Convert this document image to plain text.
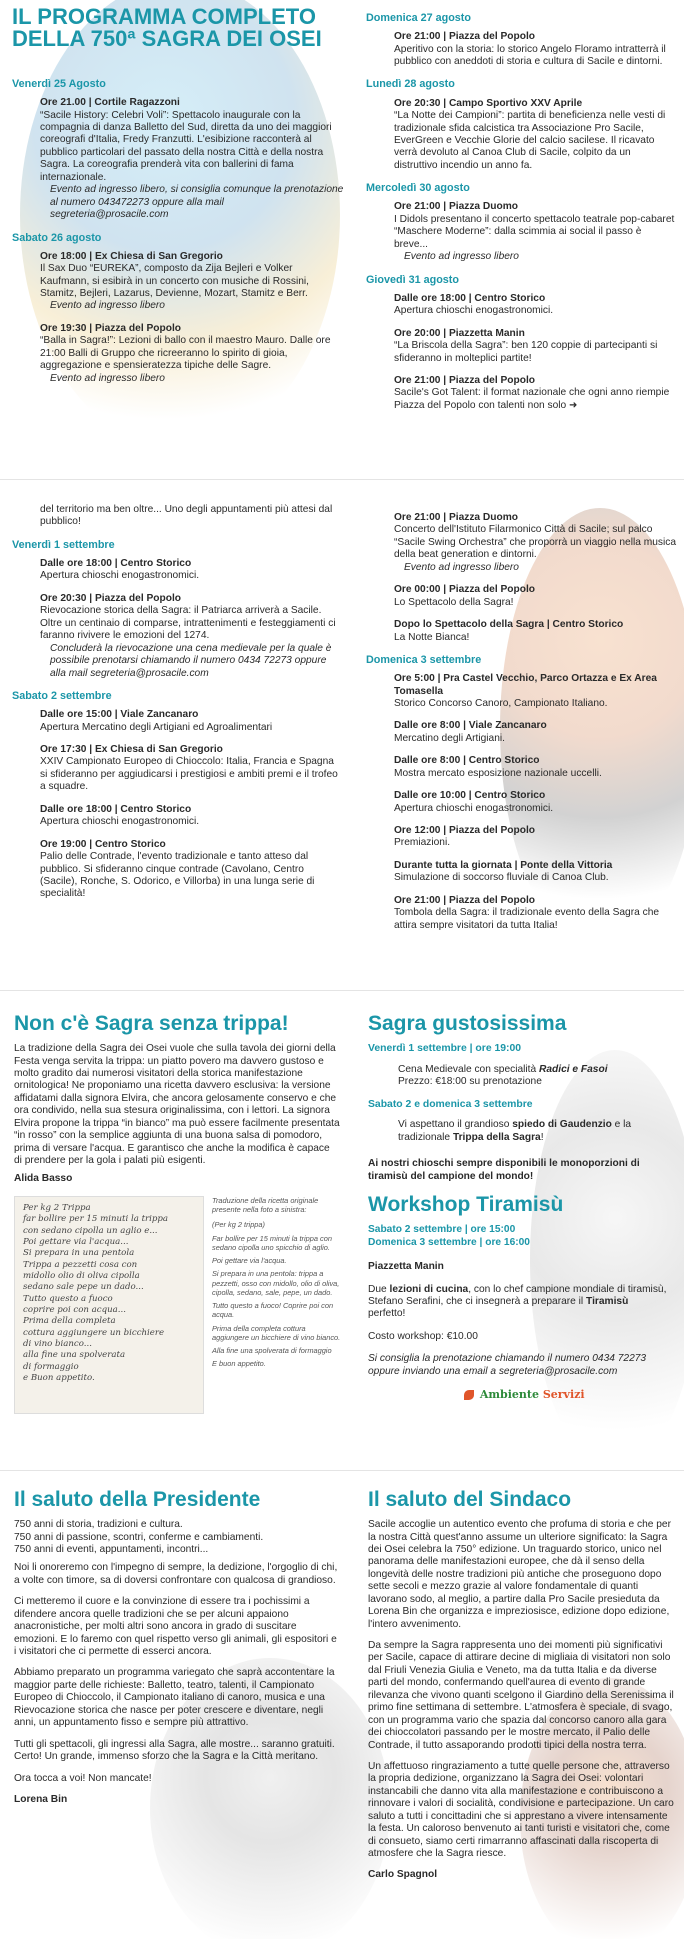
IL PROGRAMMA COMPLETO
DELLA 750ª SAGRA DEI OSEI
Venerdì 25 Agosto
Ore 21.00 | Cortile Ragazzoni
“Sacile History: Celebri Voli”: Spettacolo inaugurale con la compagnia di danza Balletto del Sud, diretta da uno dei maggiori coreografi d'Italia, Fredy Franzutti. L'esibizione racconterà al pubblico particolari del passato della nostra Città e della nostra Sagra. La coreografia prenderà vita con ballerini di fama internazionale.
Evento ad ingresso libero, si consiglia comunque la prenotazione al numero 043472273 oppure alla mail segreteria@prosacile.com
Sabato 26 agosto
Ore 18:00 | Ex Chiesa di San Gregorio
Il Sax Duo “EUREKA”, composto da Zija Bejleri e Volker Kaufmann, si esibirà in un concerto con musiche di Rossini, Stamitz, Bejleri, Lazarus, Devienne, Mozart, Stamitz e Berr.
Evento ad ingresso libero
Ore 19:30 | Piazza del Popolo
“Balla in Sagra!”: Lezioni di ballo con il maestro Mauro. Dalle ore 21:00 Balli di Gruppo che ricreeranno lo spirito di gioia, aggregazione e spensieratezza tipiche delle Sagre.
Evento ad ingresso libero
Domenica 27 agosto
Ore 21:00 | Piazza del Popolo
Aperitivo con la storia: lo storico Angelo Floramo intratterrà il pubblico con aneddoti di storia e cultura di Sacile e dintorni.
Lunedì 28 agosto
Ore 20:30 | Campo Sportivo XXV Aprile
“La Notte dei Campioni”: partita di beneficienza nelle vesti di tradizionale sfida calcistica tra Associazione Pro Sacile, EverGreen e Vecchie Glorie del calcio sacilese. Il ricavato verrà devoluto al Canoa Club di Sacile, colpito da un distruttivo incendio un anno fa.
Mercoledì 30 agosto
Ore 21:00 | Piazza Duomo
I Didols presentano il concerto spettacolo teatrale pop-cabaret “Maschere Moderne”: dalla scimmia ai social il passo è breve...
Evento ad ingresso libero
Giovedì 31 agosto
Dalle ore 18:00 | Centro Storico
Apertura chioschi enogastronomici.
Ore 20:00 | Piazzetta Manin
“La Briscola della Sagra”: ben 120 coppie di partecipanti si sfideranno in molteplici partite!
Ore 21:00 | Piazza del Popolo
Sacile's Got Talent: il format nazionale che ogni anno riempie Piazza del Popolo con talenti non solo ➜
del territorio ma ben oltre... Uno degli appuntamenti più attesi dal pubblico!
Venerdì 1 settembre
Dalle ore 18:00 | Centro Storico
Apertura chioschi enogastronomici.
Ore 20:30 | Piazza del Popolo
Rievocazione storica della Sagra: il Patriarca arriverà a Sacile. Oltre un centinaio di comparse, intrattenimenti e festeggiamenti ci faranno rivivere le emozioni del 1274.
Concluderà la rievocazione una cena medievale per la quale è possibile prenotarsi chiamando il numero 0434 72273 oppure alla mail segreteria@prosacile.com
Sabato 2 settembre
Dalle ore 15:00 | Viale Zancanaro
Apertura Mercatino degli Artigiani ed Agroalimentari
Ore 17:30 | Ex Chiesa di San Gregorio
XXIV Campionato Europeo di Chioccolo: Italia, Francia e Spagna si sfideranno per aggiudicarsi i prestigiosi e ambiti premi e il trofeo a squadre.
Dalle ore 18:00 | Centro Storico
Apertura chioschi enogastronomici.
Ore 19:00 | Centro Storico
Palio delle Contrade, l'evento tradizionale e tanto atteso dal pubblico. Si sfideranno cinque contrade (Cavolano, Centro (Sacile), Ronche, S. Odorico, e Villorba) in una lunga serie di specialità!
Ore 21:00 | Piazza Duomo
Concerto dell'Istituto Filarmonico Città di Sacile; sul palco “Sacile Swing Orchestra” che proporrà un viaggio nella musica della beat generation e dintorni.
Evento ad ingresso libero
Ore 00:00 | Piazza del Popolo
Lo Spettacolo della Sagra!
Dopo lo Spettacolo della Sagra | Centro Storico
La Notte Bianca!
Domenica 3 settembre
Ore 5:00 | Pra Castel Vecchio, Parco Ortazza e Ex Area Tomasella
Storico Concorso Canoro, Campionato Italiano.
Dalle ore 8:00 | Viale Zancanaro
Mercatino degli Artigiani.
Dalle ore 8:00 | Centro Storico
Mostra mercato esposizione nazionale uccelli.
Dalle ore 10:00 | Centro Storico
Apertura chioschi enogastronomici.
Ore 12:00 | Piazza del Popolo
Premiazioni.
Durante tutta la giornata | Ponte della Vittoria
Simulazione di soccorso fluviale di Canoa Club.
Ore 21:00 | Piazza del Popolo
Tombola della Sagra: il tradizionale evento della Sagra che attira sempre visitatori da tutta Italia!
Non c'è Sagra senza trippa!
La tradizione della Sagra dei Osei vuole che sulla tavola dei giorni della Festa venga servita la trippa: un piatto povero ma davvero gustoso e molto gradito dai numerosi visitatori della storica manifestazione ornitologica! Ne proponiamo una ricetta davvero esclusiva: la versione affidatami dalla signora Elvira, che ancora gelosamente conservo e che ora condivido, nella sua stesura originalissima, con i lettori. La signora Elvira propone la trippa “in bianco” ma può essere facilmente presentata “in rosso” con la semplice aggiunta di una buona salsa di pomodoro, prima di versare l'acqua. E garantisco che anche la modifica è capace di prendere per la gola i palati più esigenti.
Alida Basso
Per kg 2 Trippa
far bollire per 15 minuti la trippa
con sedano cipolla un aglio e...
Poi gettare via l'acqua...
Si prepara in una pentola
Trippa a pezzetti cosa con
midollo olio di oliva cipolla
sedano sale pepe un dado...
Tutto questo a fuoco
coprire poi con acqua...
Prima della completa
cottura aggiungere un bicchiere
di vino bianco...
alla fine una spolverata
di formaggio
e Buon appetito.
Traduzione della ricetta originale presente nella foto a sinistra:
(Per kg 2 trippa)
Far bollire per 15 minuti la trippa con sedano cipolla uno spicchio di aglio.
Poi gettare via l'acqua.
Si prepara in una pentola: trippa a pezzetti, osso con midollo, olio di oliva, cipolla, sedano, sale, pepe, un dado.
Tutto questo a fuoco! Coprire poi con acqua.
Prima della completa cottura aggiungere un bicchiere di vino bianco.
Alla fine una spolverata di formaggio
E buon appetito.
Sagra gustosissima
Venerdì 1 settembre | ore 19:00
Cena Medievale con specialità Radici e Fasoi
Prezzo: €18:00 su prenotazione
Sabato 2 e domenica 3 settembre
Vi aspettano il grandioso spiedo di Gaudenzio e la tradizionale Trippa della Sagra!
Ai nostri chioschi sempre disponibili le monoporzioni di tiramisù del campione del mondo!
Workshop Tiramisù
Sabato 2 settembre | ore 15:00
Domenica 3 settembre | ore 16:00
Piazzetta Manin
Due lezioni di cucina, con lo chef campione mondiale di tiramisù, Stefano Serafini, che ci insegnerà a preparare il Tiramisù perfetto!
Costo workshop: €10.00
Si consiglia la prenotazione chiamando il numero 0434 72273 oppure inviando una email a segreteria@prosacile.com
Ambiente Servizi
Il saluto della Presidente
750 anni di storia, tradizioni e cultura.
750 anni di passione, scontri, conferme e cambiamenti.
750 anni di eventi, appuntamenti, incontri...
Noi li onoreremo con l'impegno di sempre, la dedizione, l'orgoglio di chi, a volte con timore, sa di doversi confrontare con qualcosa di grandioso.
Ci metteremo il cuore e la convinzione di essere tra i pochissimi a difendere ancora quelle tradizioni che se per alcuni appaiono anacronistiche, per molti altri sono ancora in grado di suscitare emozioni. E lo faremo con quel rispetto verso gli animali, gli espositori e i visitatori che ci permette di esserci ancora.
Abbiamo preparato un programma variegato che saprà accontentare la maggior parte delle richieste: Balletto, teatro, talenti, il Campionato Europeo di Chioccolo, il Campionato italiano di canoro, musica e una Rievocazione storica che nasce per poter crescere e diventare, negli anni, un appuntamento fisso e sempre più attrattivo.
Tutti gli spettacoli, gli ingressi alla Sagra, alle mostre... saranno gratuiti. Certo! Un grande, immenso sforzo che la Sagra e la Città meritano.
Ora tocca a voi! Non mancate!
Lorena Bin
Il saluto del Sindaco
Sacile accoglie un autentico evento che profuma di storia e che per la nostra Città quest'anno assume un ulteriore significato: la Sagra dei Osei celebra la 750° edizione. Un traguardo storico, unico nel panorama delle manifestazioni europee, che dà il senso della longevità delle nostre tradizioni più antiche che proseguono dopo sette secoli e mezzo grazie al valore fondamentale di quanti lavorano sodo, al meglio, a partire dalla Pro Sacile presieduta da Lorena Bin che organizza e impreziosisce, edizione dopo edizione, l'intero avvenimento.
Da sempre la Sagra rappresenta uno dei momenti più significativi per Sacile, capace di attirare decine di migliaia di visitatori non solo dal Friuli Venezia Giulia e Veneto, ma da tutta Italia e da diverse parti del mondo, confermando quell'aurea di evento di grande rilevanza che vivono quanti scelgono il Giardino della Serenissima il primo fine settimana di settembre. L'atmosfera è speciale, di svago, con un programma vario che spazia dal concorso canoro alla gara dei chioccolatori passando per le mostre mercato, il Palio delle Contrade, il tutto assaporando prodotti tipici della nostra terra.
Un affettuoso ringraziamento a tutte quelle persone che, attraverso la propria dedizione, organizzano la Sagra dei Osei: volontari instancabili che danno vita alla manifestazione e contribuiscono a rinnovare i valori di socialità, condivisione e partecipazione. Un caro saluto a tutti i concittadini che si apprestano a vivere intensamente la festa. Un caloroso benvenuto ai tanti turisti e visitatori che, come di consueto, siamo certi rimarranno affascinati dalla riscoperta di atmosfere che la Sagra riesce.
Carlo Spagnol
